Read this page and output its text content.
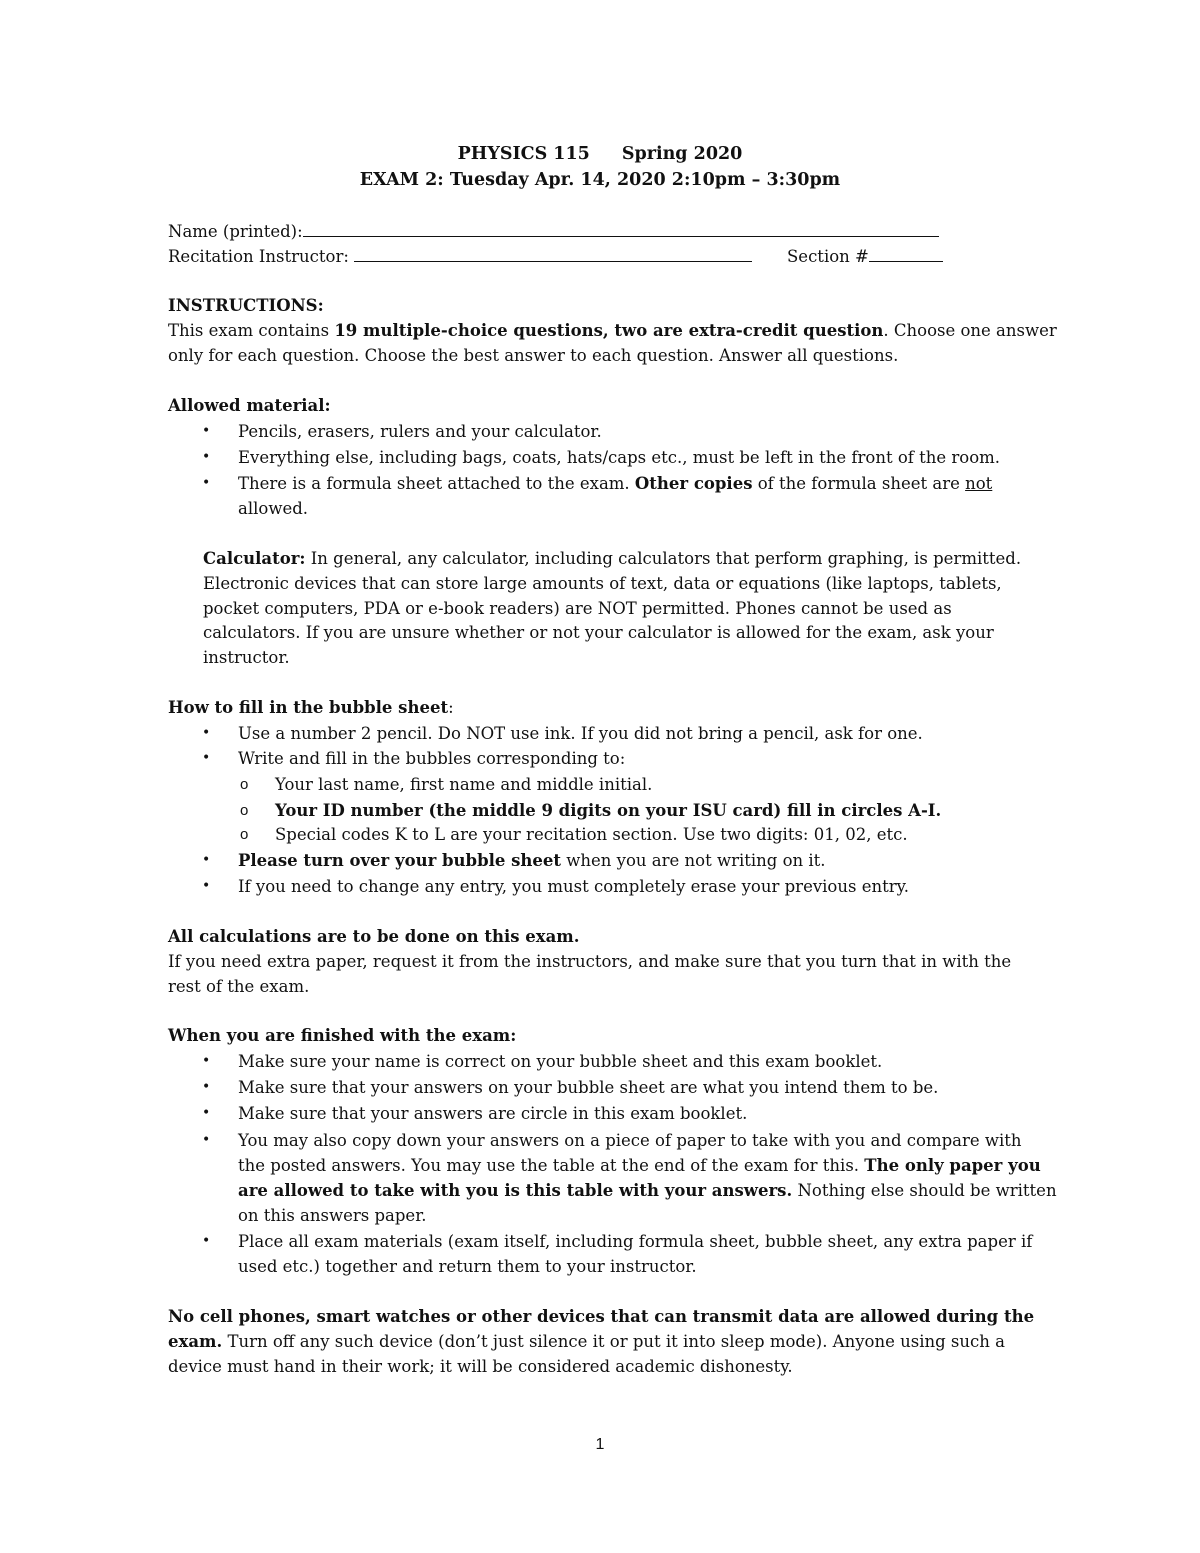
PHYSICS 115 Spring 2020
EXAM 2: Tuesday Apr. 14, 2020 2:10pm – 3:30pm
Name (printed):
Recitation Instructor:	Section #
INSTRUCTIONS:
This exam contains 19 multiple-choice questions, two are extra-credit question. Choose one answer
only for each question. Choose the best answer to each question. Answer all questions.
Allowed material:
• Pencils, erasers, rulers and your calculator.
• Everything else, including bags, coats, hats/caps etc., must be left in the front of the room.
• There is a formula sheet attached to the exam. Other copies of the formula sheet are not
allowed.
Calculator: In general, any calculator, including calculators that perform graphing, is permitted.
Electronic devices that can store large amounts of text, data or equations (like laptops, tablets,
pocket computers, PDA or e-book readers) are NOT permitted. Phones cannot be used as
calculators. If you are unsure whether or not your calculator is allowed for the exam, ask your
instructor.
How to fill in the bubble sheet:
• Use a number 2 pencil. Do NOT use ink. If you did not bring a pencil, ask for one.
• Write and fill in the bubbles corresponding to:
o Your last name, first name and middle initial.
o Your ID number (the middle 9 digits on your ISU card) fill in circles A-I.
o Special codes K to L are your recitation section. Use two digits: 01, 02, etc.
• Please turn over your bubble sheet when you are not writing on it.
• If you need to change any entry, you must completely erase your previous entry.
All calculations are to be done on this exam.
If you need extra paper, request it from the instructors, and make sure that you turn that in with the
rest of the exam.
When you are finished with the exam:
• Make sure your name is correct on your bubble sheet and this exam booklet.
• Make sure that your answers on your bubble sheet are what you intend them to be.
• Make sure that your answers are circle in this exam booklet.
• You may also copy down your answers on a piece of paper to take with you and compare with
the posted answers. You may use the table at the end of the exam for this. The only paper you
are allowed to take with you is this table with your answers. Nothing else should be written
on this answers paper.
• Place all exam materials (exam itself, including formula sheet, bubble sheet, any extra paper if
used etc.) together and return them to your instructor.
No cell phones, smart watches or other devices that can transmit data are allowed during the
exam. Turn off any such device (don’t just silence it or put it into sleep mode). Anyone using such a
device must hand in their work; it will be considered academic dishonesty.
1
